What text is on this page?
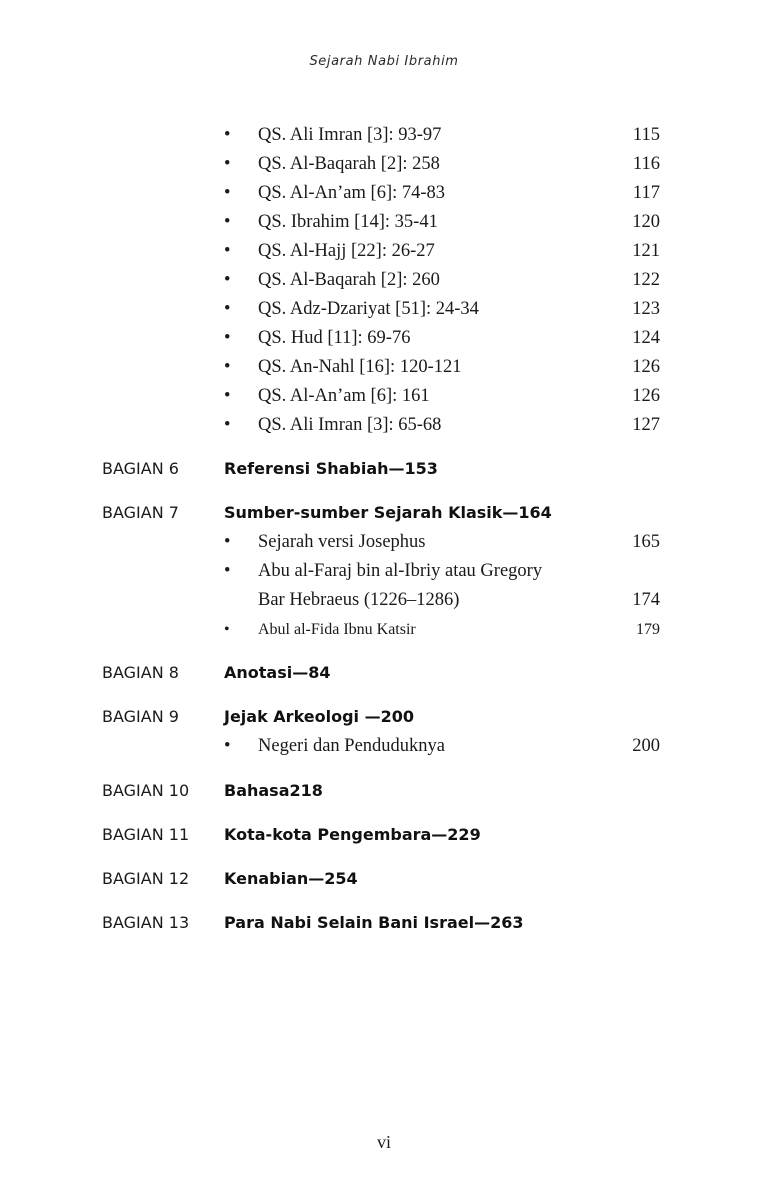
Sejarah Nabi Ibrahim
•	QS. Ali Imran [3]: 93-97	115
•	QS. Al-Baqarah [2]: 258	116
•	QS. Al-An’am [6]: 74-83	117
•	QS. Ibrahim [14]: 35-41	120
•	QS. Al-Hajj [22]: 26-27	121
•	QS. Al-Baqarah [2]: 260	122
•	QS. Adz-Dzariyat [51]: 24-34	123
•	QS. Hud [11]: 69-76	124
•	QS. An-Nahl [16]: 120-121	126
•	QS. Al-An’am [6]: 161	126
•	QS. Ali Imran [3]: 65-68	127
BAGIAN 6	Referensi Shabiah—153
BAGIAN 7	Sumber-sumber Sejarah Klasik—164
•	Sejarah versi Josephus	165
•	Abu al-Faraj bin al-Ibriy atau Gregory
Bar Hebraeus (1226–1286)	174
•	Abul al-Fida Ibnu Katsir	179
BAGIAN 8	Anotasi—84
BAGIAN 9	Jejak Arkeologi —200
•	Negeri dan Penduduknya	200
BAGIAN 10 Bahasa218
BAGIAN 11 Kota-kota Pengembara—229
BAGIAN 12 Kenabian—254
BAGIAN 13 Para Nabi Selain Bani Israel—263
vi
